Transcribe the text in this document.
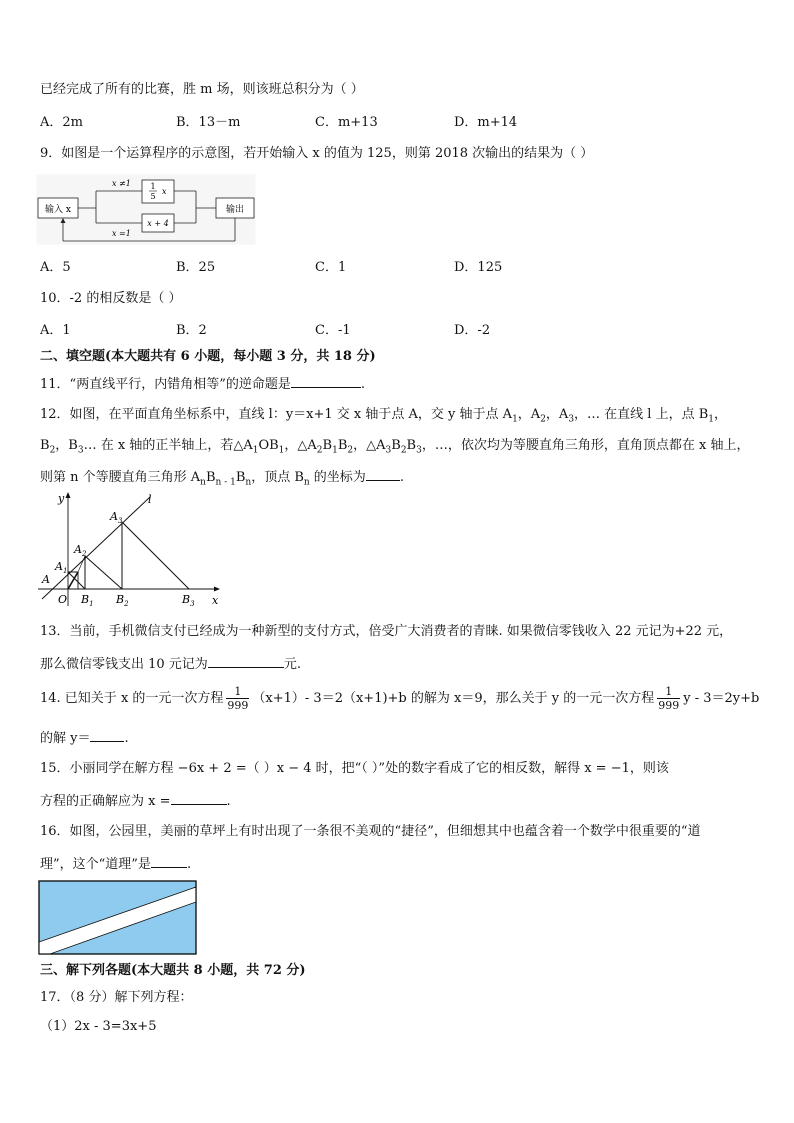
已经完成了所有的比赛，胜 m 场，则该班总积分为（ ）
A．2m	B．13－m	C．m+13	D．m+14
9．如图是一个运算程序的示意图，若开始输入 x 的值为 125，则第 2018 次输出的结果为（ ）
输入 x	输出
1
5
x
x + 4
x ≠1
x =1
A．5	B．25	C．1	D．125
10．-2 的相反数是（ ）
A．1	B．2	C．-1	D．-2
二、填空题(本大题共有 6 小题，每小题 3 分，共 18 分)
11．“两直线平行，内错角相等”的逆命题是	.
12．如图，在平面直角坐标系中，直线 l：y＝x+1 交 x 轴于点 A，交 y 轴于点 $A_1$，$A_2$，$A_3$，… 在直线 l 上，点 $B_1$，
$B_2$，$B_3\dots$ 在 x 轴的正半轴上，若$\triangle A_1OB_1$，$\triangle A_2B_1B_2$，$\triangle A_3B_2B_3$，…，依次均为等腰直角三角形，直角顶点都在 x 轴上，
则第 n 个等腰直角三角形 $A_nB_{n - 1}B_n$，顶点 $B_n$ 的坐标为	.
y	l
x
O
A
$A_1$
$A_2$
$A_3$
$B_1$ $B_2$	$B_3$
13．当前，手机微信支付已经成为一种新型的支付方式，倍受广大消费者的青睐. 如果微信零钱收入 22 元记为+22 元，
那么微信零钱支出 10 元记为	元.
14. 已知关于 x 的一元一次方程 $\frac{1}{999} (x+1)-$ 3＝2（x+1)+b 的解为 x＝9，那么关于 y 的一元一次方程 $\frac{1}{999}$ y - 3＝2y+b
的解 y＝	.
15．小丽同学在解方程 −6x + 2 =（ ）x − 4 时，把“（ ）”处的数字看成了它的相反数，解得 x = −1，则该
方程的正确解应为 x =	.
16．如图，公园里，美丽的草坪上有时出现了一条很不美观的“捷径”，但细想其中也蕴含着一个数学中很重要的“道
理”，这个“道理”是	.
三、解下列各题(本大题共 8 小题，共 72 分)
17．（8 分）解下列方程：
（1）2x - 3=3x+5
